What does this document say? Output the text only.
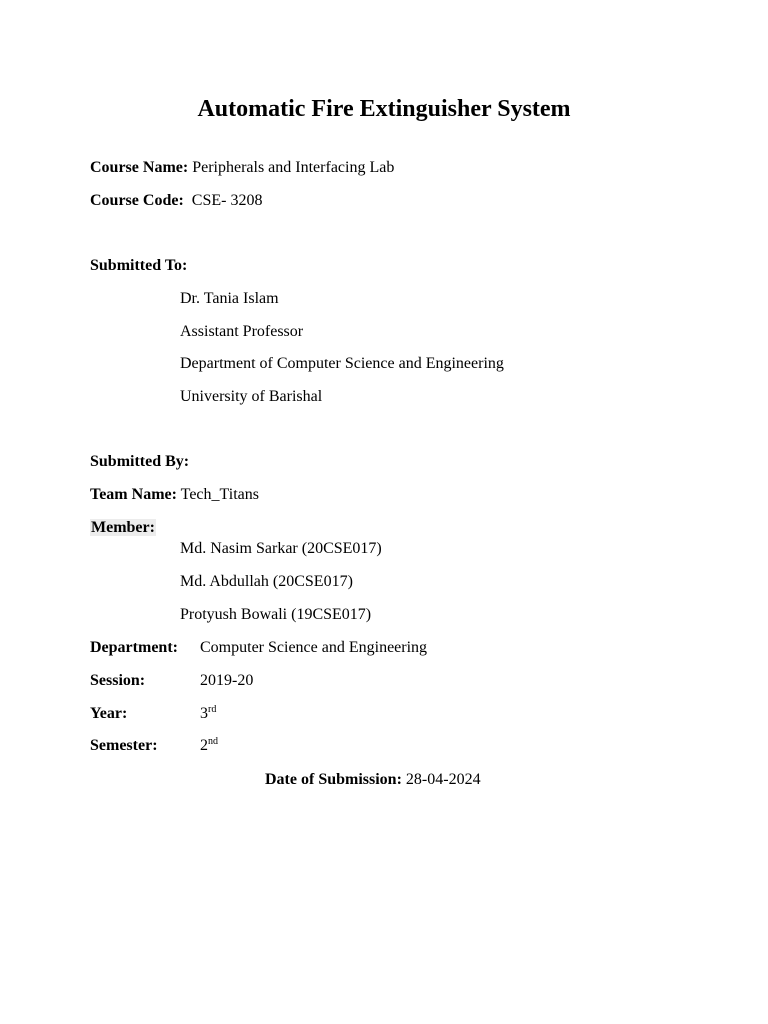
Automatic Fire Extinguisher System
Course Name: Peripherals and Interfacing Lab
Course Code: CSE- 3208
Submitted To:
Dr. Tania Islam
Assistant Professor
Department of Computer Science and Engineering
University of Barishal
Submitted By:
Team Name: Tech_Titans
Member:
Md. Nasim Sarkar (20CSE017)
Md. Abdullah (20CSE017)
Protyush Bowali (19CSE017)
Department: Computer Science and Engineering
Session:	2019-20
Year:	3rd
Semester:	2nd
Date of Submission: 28-04-2024
